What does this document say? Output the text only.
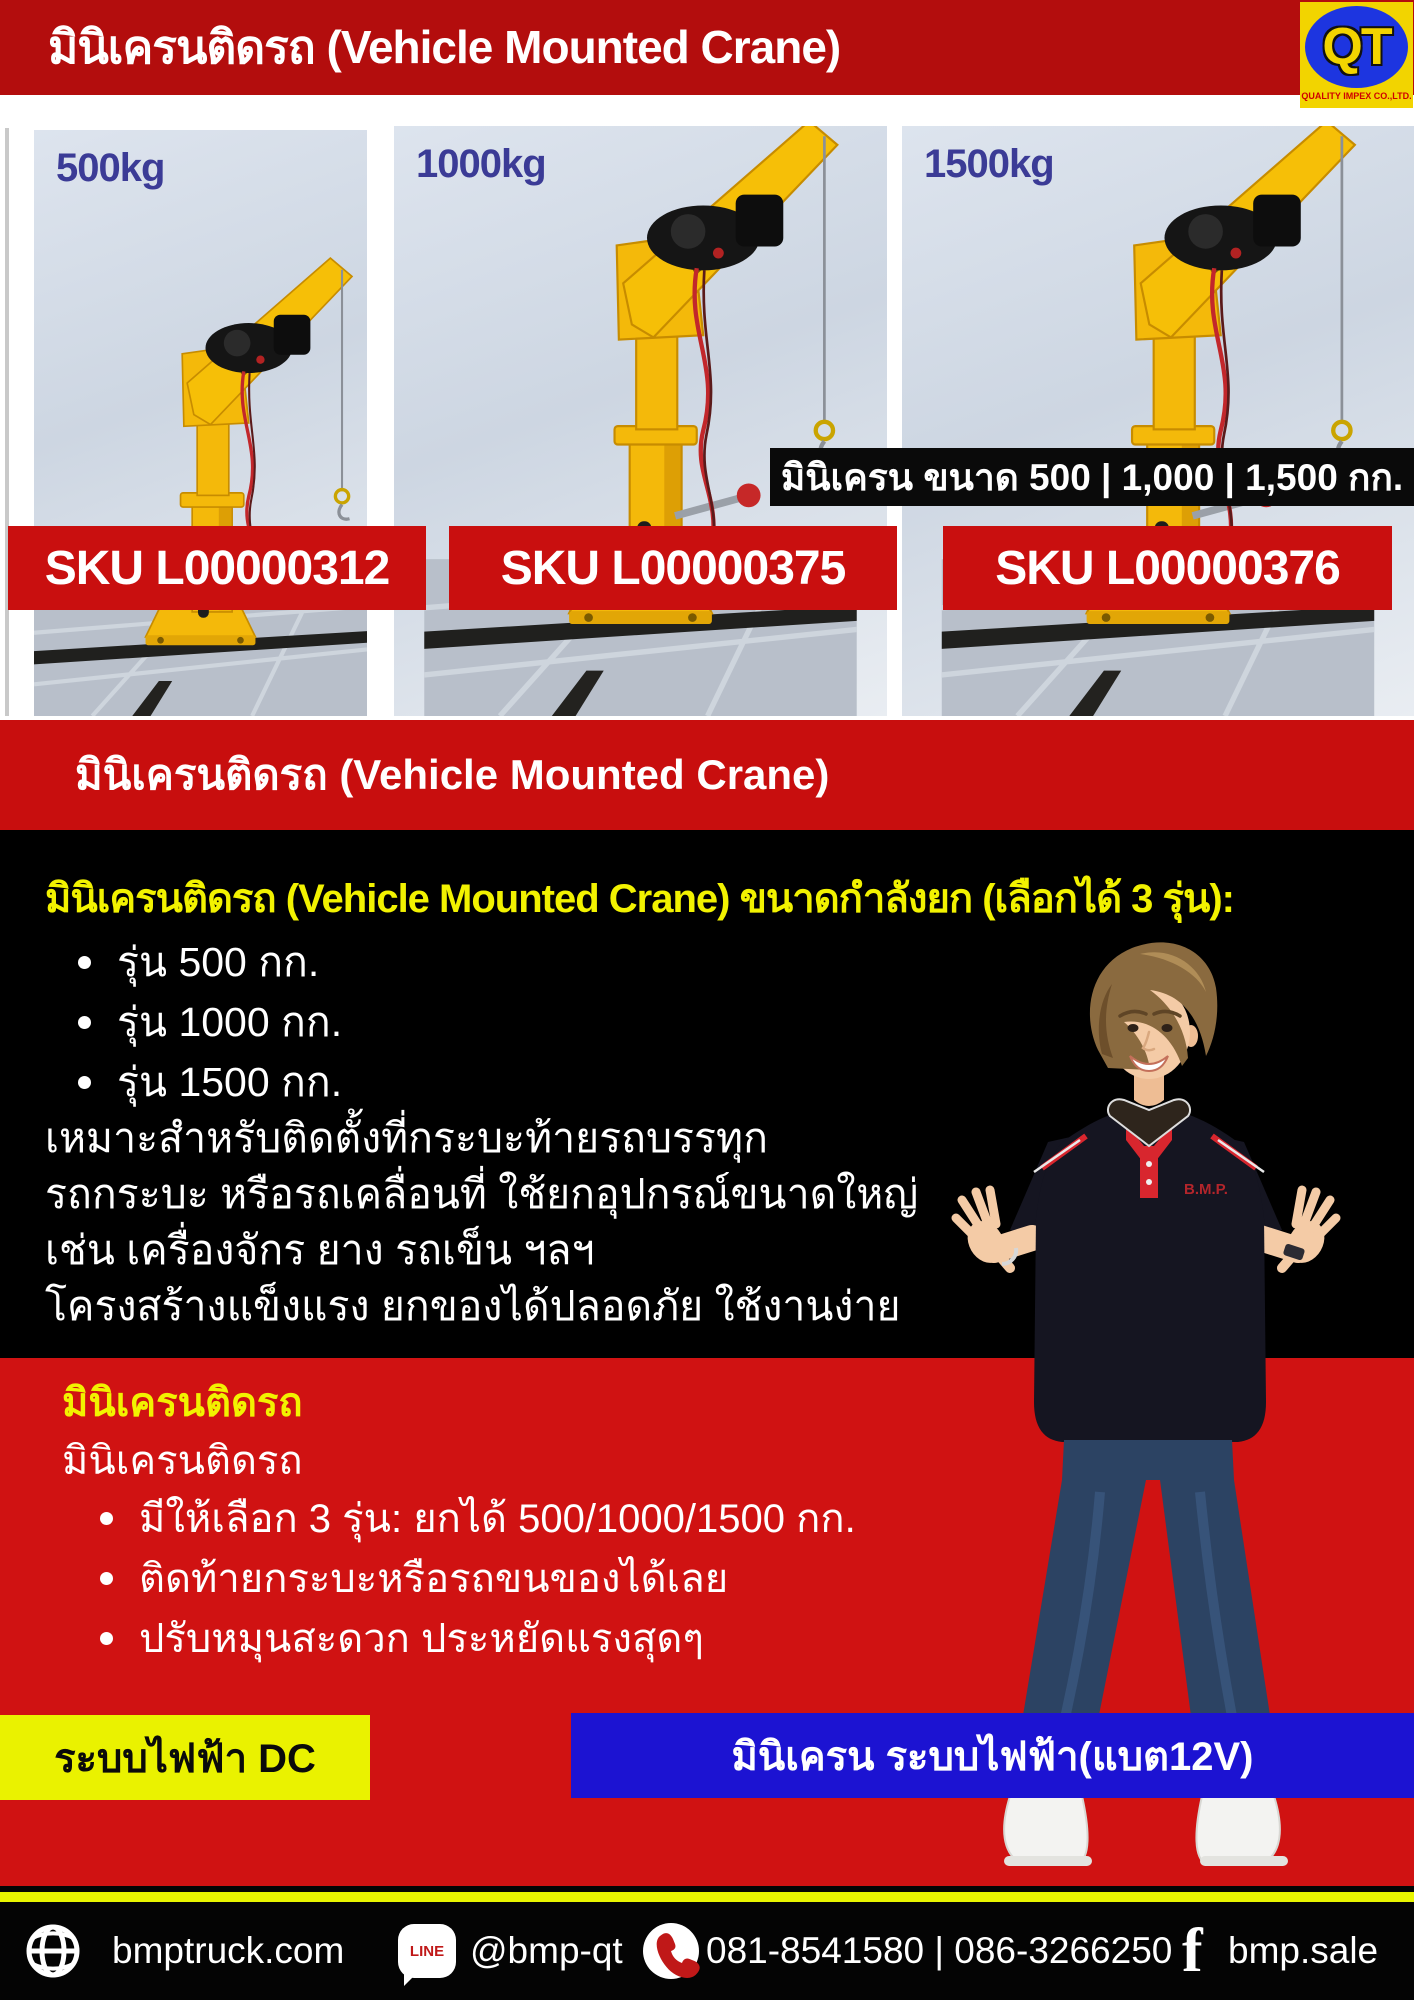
มินิเครนติดรถ (Vehicle Mounted Crane)	QT
QUALITY IMPEX CO.,LTD.
500kg	1000kg	1500kg
มินิเครน ขนาด 500 | 1,000 | 1,500 กก.
SKU L00000312	SKU L00000375	SKU L00000376
มินิเครนติดรถ (Vehicle Mounted Crane)
มินิเครนติดรถ (Vehicle Mounted Crane) ขนาดกำลังยก (เลือกได้ 3 รุ่น):
รุ่น 500 กก.
รุ่น 1000 กก.
รุ่น 1500 กก.
เหมาะสำหรับติดตั้งที่กระบะท้ายรถบรรทุก
รถกระบะ หรือรถเคลื่อนที่ ใช้ยกอุปกรณ์ขนาดใหญ่
เช่น เครื่องจักร ยาง รถเข็น ฯลฯ
โครงสร้างแข็งแรง ยกของได้ปลอดภัย ใช้งานง่าย
มินิเครนติดรถ
มินิเครนติดรถ
มีให้เลือก 3 รุ่น: ยกได้ 500/1000/1500 กก.
ติดท้ายกระบะหรือรถขนของได้เลย
ปรับหมุนสะดวก ประหยัดแรงสุดๆ
B.M.P.
ระบบไฟฟ้า DC	มินิเครน ระบบไฟฟ้า(แบต12V)
bmptruck.com	LINE @bmp-qt 081-8541580 | 086-3266250 f bmp.sale
